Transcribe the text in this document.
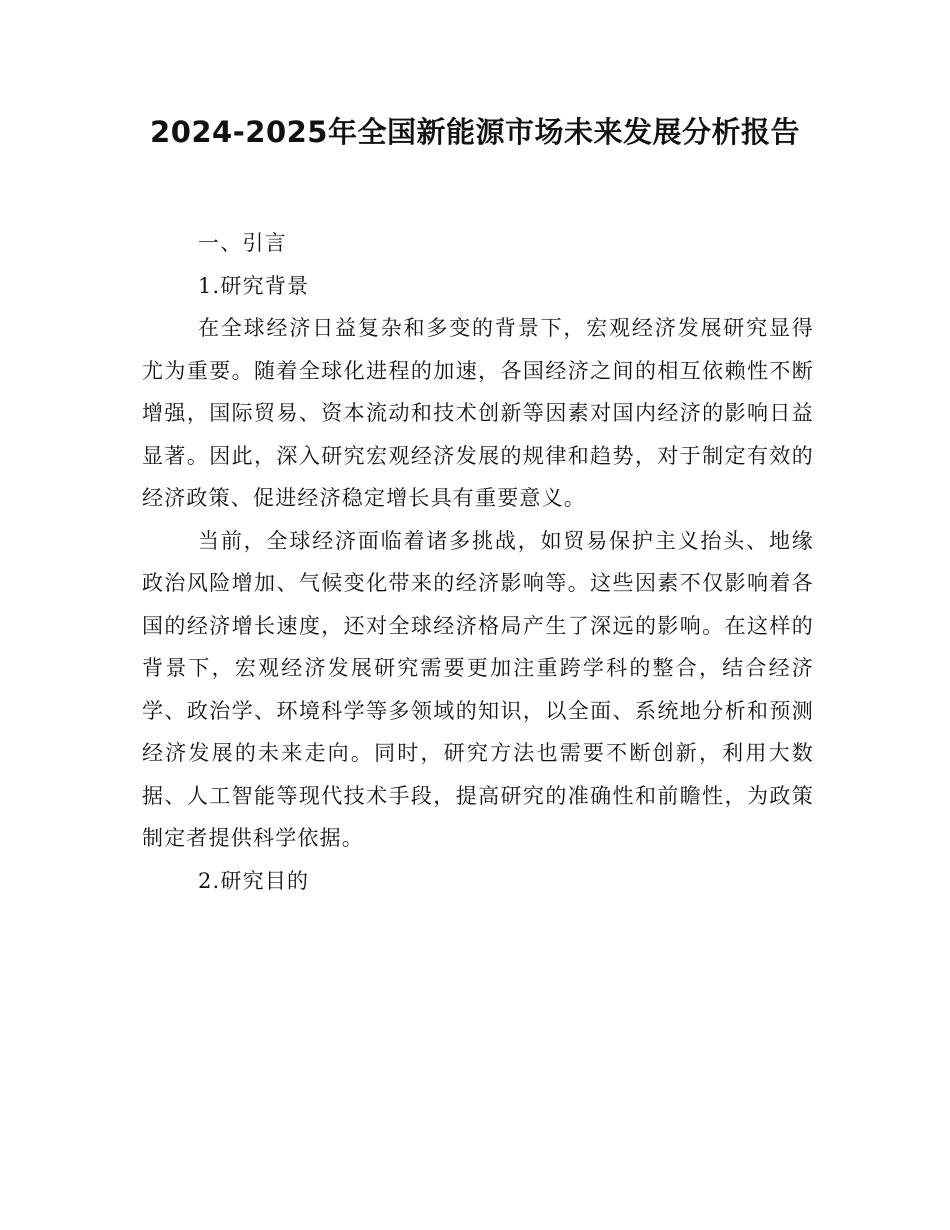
2024-2025年全国新能源市场未来发展分析报告
一、引言
1.研究背景

在全球经济日益复杂和多变的背景下，宏观经济发展研究显得尤为重要。随着全球化进程的加速，各国经济之间的相互依赖性不断增强，国际贸易、资本流动和技术创新等因素对国内经济的影响日益显著。因此，深入研究宏观经济发展的规律和趋势，对于制定有效的经济政策、促进经济稳定增长具有重要意义。

当前，全球经济面临着诸多挑战，如贸易保护主义抬头、地缘政治风险增加、气候变化带来的经济影响等。这些因素不仅影响着各国的经济增长速度，还对全球经济格局产生了深远的影响。在这样的背景下，宏观经济发展研究需要更加注重跨学科的整合，结合经济学、政治学、环境科学等多领域的知识，以全面、系统地分析和预测经济发展的未来走向。同时，研究方法也需要不断创新，利用大数据、人工智能等现代技术手段，提高研究的准确性和前瞻性，为政策制定者提供科学依据。

2.研究目的
